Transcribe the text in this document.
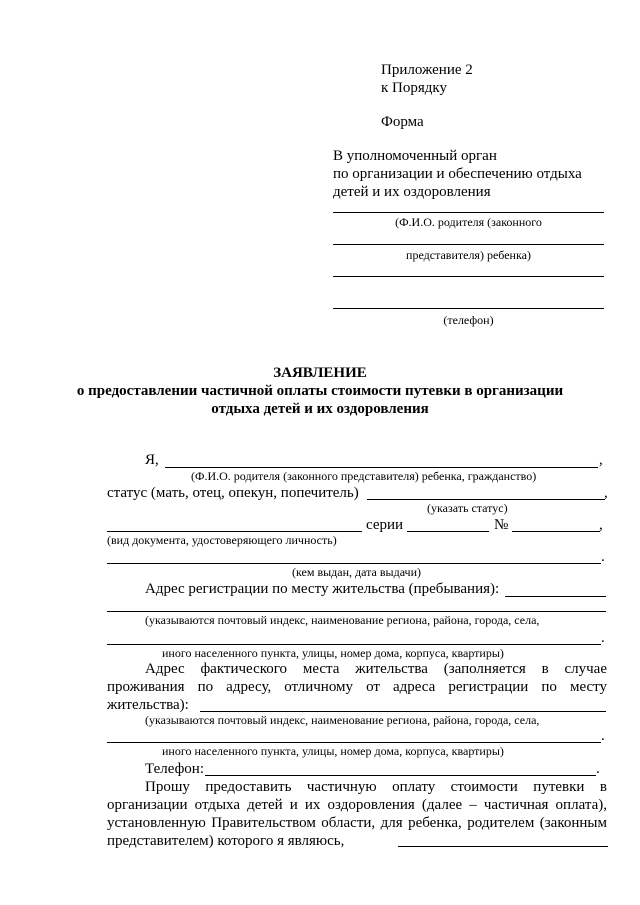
Приложение 2
к Порядку
Форма
В уполномоченный орган
по организации и обеспечению отдыха
детей и их оздоровления
(Ф.И.О. родителя (законного
представителя) ребенка)
(телефон)
ЗАЯВЛЕНИЕ
о предоставлении частичной оплаты стоимости путевки в организации
отдыха детей и их оздоровления
Я,	,
(Ф.И.О. родителя (законного представителя) ребенка, гражданство)
статус (мать, отец, опекун, попечитель)	,
(указать статус)
серии	№	,
(вид документа, удостоверяющего личность)
.
(кем выдан, дата выдачи)
Адрес регистрации по месту жительства (пребывания):
(указываются почтовый индекс, наименование региона, района, города, села,
.
иного населенного пункта, улицы, номер дома, корпуса, квартиры)
Адрес фактического места жительства (заполняется в случае проживания по адресу, отличному от адреса регистрации по месту жительства):
(указываются почтовый индекс, наименование региона, района, города, села,
.
иного населенного пункта, улицы, номер дома, корпуса, квартиры)
Телефон:	.
Прошу предоставить частичную оплату стоимости путевки в организации отдыха детей и их оздоровления (далее – частичная оплата), установленную Правительством области, для ребенка, родителем (законным представителем) которого я являюсь,
